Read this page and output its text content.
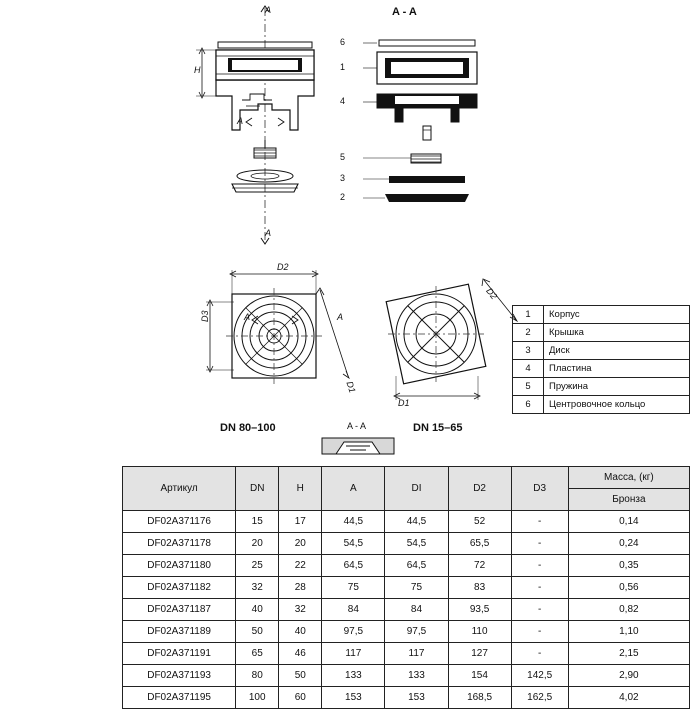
A
A
A
H
A - A
6
1
4
5
3
2
D2
D3
D1
A	A
DN 80–100
D2
D1
DN 15–65
A - A
1	Корпус
2	Крышка
3	Диск
4	Пластина
5	Пружина
6	Центровочное кольцо
Артикул	DN	H	A	DI	D2	D3	Масса, (кг)
							Бронза
DF02A371176	15	17	44,5	44,5	52	-	0,14
DF02A371178	20	20	54,5	54,5	65,5	-	0,24
DF02A371180	25	22	64,5	64,5	72	-	0,35
DF02A371182	32	28	75	75	83	-	0,56
DF02A371187	40	32	84	84	93,5	-	0,82
DF02A371189	50	40	97,5	97,5	110	-	1,10
DF02A371191	65	46	117	117	127	-	2,15
DF02A371193	80	50	133	133	154	142,5	2,90
DF02A371195	100	60	153	153	168,5	162,5	4,02
